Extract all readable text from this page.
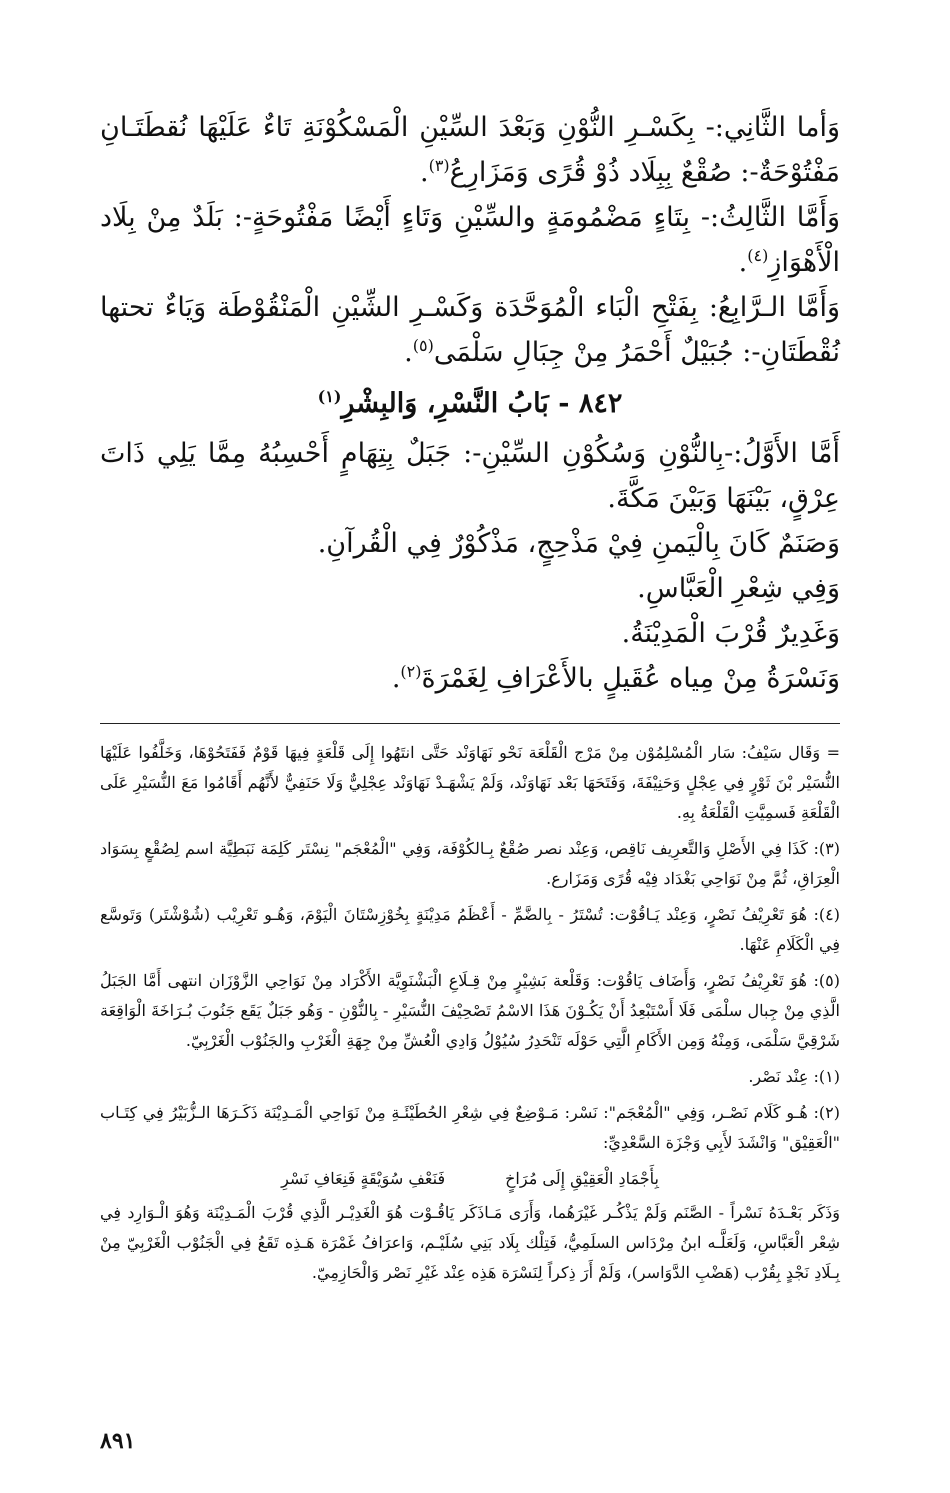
وَأما الثَّانِي:- بِكَسْـرِ النُّوْنِ وَبَعْدَ السِّيْنِ الْمَسْكُوْنَةِ تَاءٌ عَلَيْهَا نُقطَتَـانِ مَفْتُوْحَةٌ-: صُقْعٌ بِبِلَاد ذُوْ قُرًى وَمَزَارِعُ$^{(٣)}$.

وَأَمَّا الثَّالِثُ:- بِتَاءٍ مَضْمُومَةٍ والسِّيْنِ وَتَاءٍ أَيْضًا مَفْتُوحَةٍ-: بَلَدٌ مِنْ بِلَاد الْأَهْوَازِ$^{(٤)}$.

وَأَمَّا الـرَّابِعُ: بِفَتْحِ الْبَاء الْمُوَحَّدَة وَكَسْـرِ الشِّيْنِ الْمَنْقُوْطَة وَيَاءٌ تحتها نُقْطَتَانِ-: جُبَيْلٌ أَحْمَرُ مِنْ جِبَالِ سَلْمَى$^{(٥)}$.

٨٤٢ - بَابُ النَّسْرِ، وَالبِشْرِ$^{(١)}$

أَمَّا الأَوَّلُ:-بِالنُّوْنِ وَسُكُوْنِ السِّيْنِ-: جَبَلٌ بِتِهَامٍ أَحْسِبُهُ مِمَّا يَلِي ذَاتَ عِرْقٍ، بَيْنَهَا وَبَيْنَ مَكَّةَ.

وَصَنَمٌ كَانَ بِالْيَمنِ فِيْ مَذْحِجٍ، مَذْكُوْرٌ فِي الْقُرآنِ.

وَفِي شِعْرِ الْعَبَّاسِ.

وَغَدِيرٌ قُرْبَ الْمَدِيْنَةُ.

وَنَسْرَةُ مِنْ مِياه عُقَيلٍ بالأَعْرَافِ لِغَمْرَةَ$^{(٢)}$.

= وَقَال سَيْفُ: سَار الْمُسْلِمُوْن مِنْ مَرْج الْقَلْعَة نَحْو نَهَاوَنْد حَتَّى انتَهُوا إِلَى قَلْعَةٍ فِيهَا قَوْمٌ فَفَتَحُوْهَا، وَخَلَّفُوا عَلَيْهَا النُّسَيْر بْنَ ثَوْرٍ فِي عِجْلٍ وَحَنِيْفَةَ، وَفَتَحَهَا بَعْد نَهَاوَنْد، وَلَمْ يَشْهَـدْ نَهَاوَنْد عِجْلِيٌّ وَلَا حَنَفِيٌّ لأَنَّهُم أَقَامُوا مَعَ النُّسَيْرِ عَلَى الْقَلْعَةِ فَسمِيَّتِ الْقَلْعَةُ بِهِ.

(٣): كَذَا فِي الأَصْلِ وَالتَّعرِيف نَاقِص، وَعِنْد نصر صُقْعٌ بِـالكُوْفَة، وَفِي "الْمُعْجَم" نِسْتَر كَلِمَة نَبَطِيَّة اسم لِصُقْعٍ بِسَوَاد الْعِرَاقِ، ثُمَّ مِنْ نَوَاحِي بَغْدَاد فِيْه قُرًى وَمَزَارع.

(٤): هُوَ تَعْرِيْفُ نَصْرٍ، وَعِنْد يَـاقُوْت: تُسْتَرُ - بِالضَّمِّ - أَعْظَمُ مَدِيْنَةٍ بِخُوْزِسْتَانَ الْيَوْمَ، وَهُـو تَعْرِيْب (شُوْشْتَر) وَتَوسَّع فِي الْكَلَامِ عَنْهَا.

(٥): هُوَ تَعْرِيْفُ نَصْرٍ، وَأَضَاف يَاقُوْت: وَقَلْعة بَشِيْرٍ مِنْ قِـلَاعِ الْبَشْنَوِيَّة الأَكْرَاد مِنْ نَوَاحِي الزَّوْزَان انتهى أَمَّا الجَبَلُ الَّذِي مِنْ جِبال سلْمَى فَلَا أَسْتَبْعِدُ أَنْ يَكُـوْنَ هَذَا الاسْمُ تَصْحِيْفَ النُّسَيْرِ - بِالنُّوْنِ - وَهُو جَبَلٌ يَقَع جَنُوبَ بُـرَاخَةَ الْوَاقِعَة شَرْقِيَّ سَلْمَى، وَمِنْهُ وَمِن الأَكَامِ الَّتِي حَوْلَه تَنْحَدِرُ سُيُوْلُ وَادِي الْعُشِّ مِنْ جِهَةِ الْغَرْبِ والجَنُوْب الْغَرْبِيّ.

(١): عِنْد نَصْر.

(٢): هُـو كَلَام نَصْـر، وَفِي "الْمُعْجَم": نَسْر: مَـوْضِعٌ فِي شِعْرِ الحُطَيْئَـةِ مِنْ نَوَاحِي الْمَـدِيْنَة ذَكَـرَهَا الـزُّبَيْرُ فِي كِتَـاب "الْعَقِيْق" وَانْشَدَ لأَبِي وَجْزَة السَّعْدِيِّ:

بِأَجْمَادِ الْعَقِيْقِ إِلَى مُرَاخٍ
فَنَعْفِ سُوَيْقَةٍ فَنِعَافِ نَسْرِ

وَذَكَر بَعْـدَهُ نَسْراً - الصَّنَم وَلَمْ يَذْكُـر غَيْرَهُما، وَأَرَى مَـاذَكَر يَاقُـوْت هُوَ الْغَدِيْـر الَّذِي قُرْبَ الْمَـدِيْنَة وَهُوَ الْـوَارِد فِي شِعْر الْعَبَّاسِ، وَلَعَلَّـه ابنُ مِرْدَاس السلَمِيُّ، فَتِلْك بِلَاد بَنِي سُلَيْـم، وَاعرَافُ غَمْرَة هَـذِه تَقَعُ فِي الْجَنُوْب الْغَرْبِيّ مِنْ بِـلَادِ نَجْدٍ بِقُرْب (هَضْبِ الدَّوَاسر)، وَلَمْ أَرَ ذِكراً لِنَسْرَة هَذِه عِنْد غَيْرِ نَصْر وَالْحَازِمِيّ.

٨٩١
